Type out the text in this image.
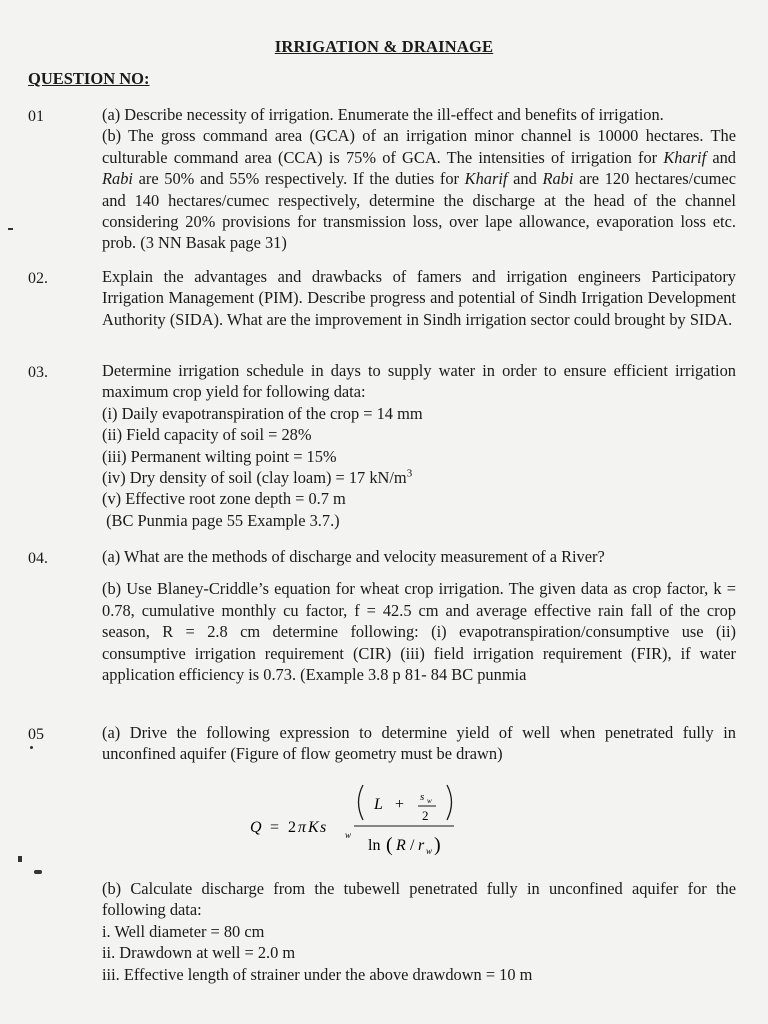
IRRIGATION & DRAINAGE
QUESTION NO:
01	(a) Describe necessity of irrigation. Enumerate the ill-effect and benefits of irrigation.

(b) The gross command area (GCA) of an irrigation minor channel is 10000 hectares. The culturable command area (CCA) is 75% of GCA. The intensities of irrigation for Kharif and Rabi are 50% and 55% respectively. If the duties for Kharif and Rabi are 120 hectares/cumec and 140 hectares/cumec respectively, determine the discharge at the head of the channel considering 20% provisions for transmission loss, over lape allowance, evaporation loss etc. prob. (3 NN Basak page 31)

02.	Explain the advantages and drawbacks of famers and irrigation engineers Participatory Irrigation Management (PIM). Describe progress and potential of Sindh Irrigation Development Authority (SIDA). What are the improvement in Sindh irrigation sector could brought by SIDA.

03.	Determine irrigation schedule in days to supply water in order to ensure efficient irrigation maximum crop yield for following data:

(i) Daily evapotranspiration of the crop = 14 mm

(ii) Field capacity of soil = 28%

(iii) Permanent wilting point = 15%

(iv) Dry density of soil (clay loam) = 17 $kN/m^3$

(v) Effective root zone depth = 0.7 m

(BC Punmia page 55 Example 3.7.)

04.	(a) What are the methods of discharge and velocity measurement of a River?

(b) Use Blaney-Criddle’s equation for wheat crop irrigation. The given data as crop factor, k = 0.78, cumulative monthly cu factor, f = 42.5 cm and average effective rain fall of the crop season, R = 2.8 cm determine following: (i) evapotranspiration/consumptive use (ii) consumptive irrigation requirement (CIR) (iii) field irrigation requirement (FIR), if water application efficiency is 0.73. (Example 3.8 p 81- 84 BC punmia

05	(a) Drive the following expression to determine yield of well when penetrated fully in unconfined aquifer (Figure of flow geometry must be drawn)

Q = 2 π K s w
L + s w
2
ln ( R / r w )

(b) Calculate discharge from the tubewell penetrated fully in unconfined aquifer for the following data:

i. Well diameter = 80 cm

ii. Drawdown at well = 2.0 m

iii. Effective length of strainer under the above drawdown = 10 m
